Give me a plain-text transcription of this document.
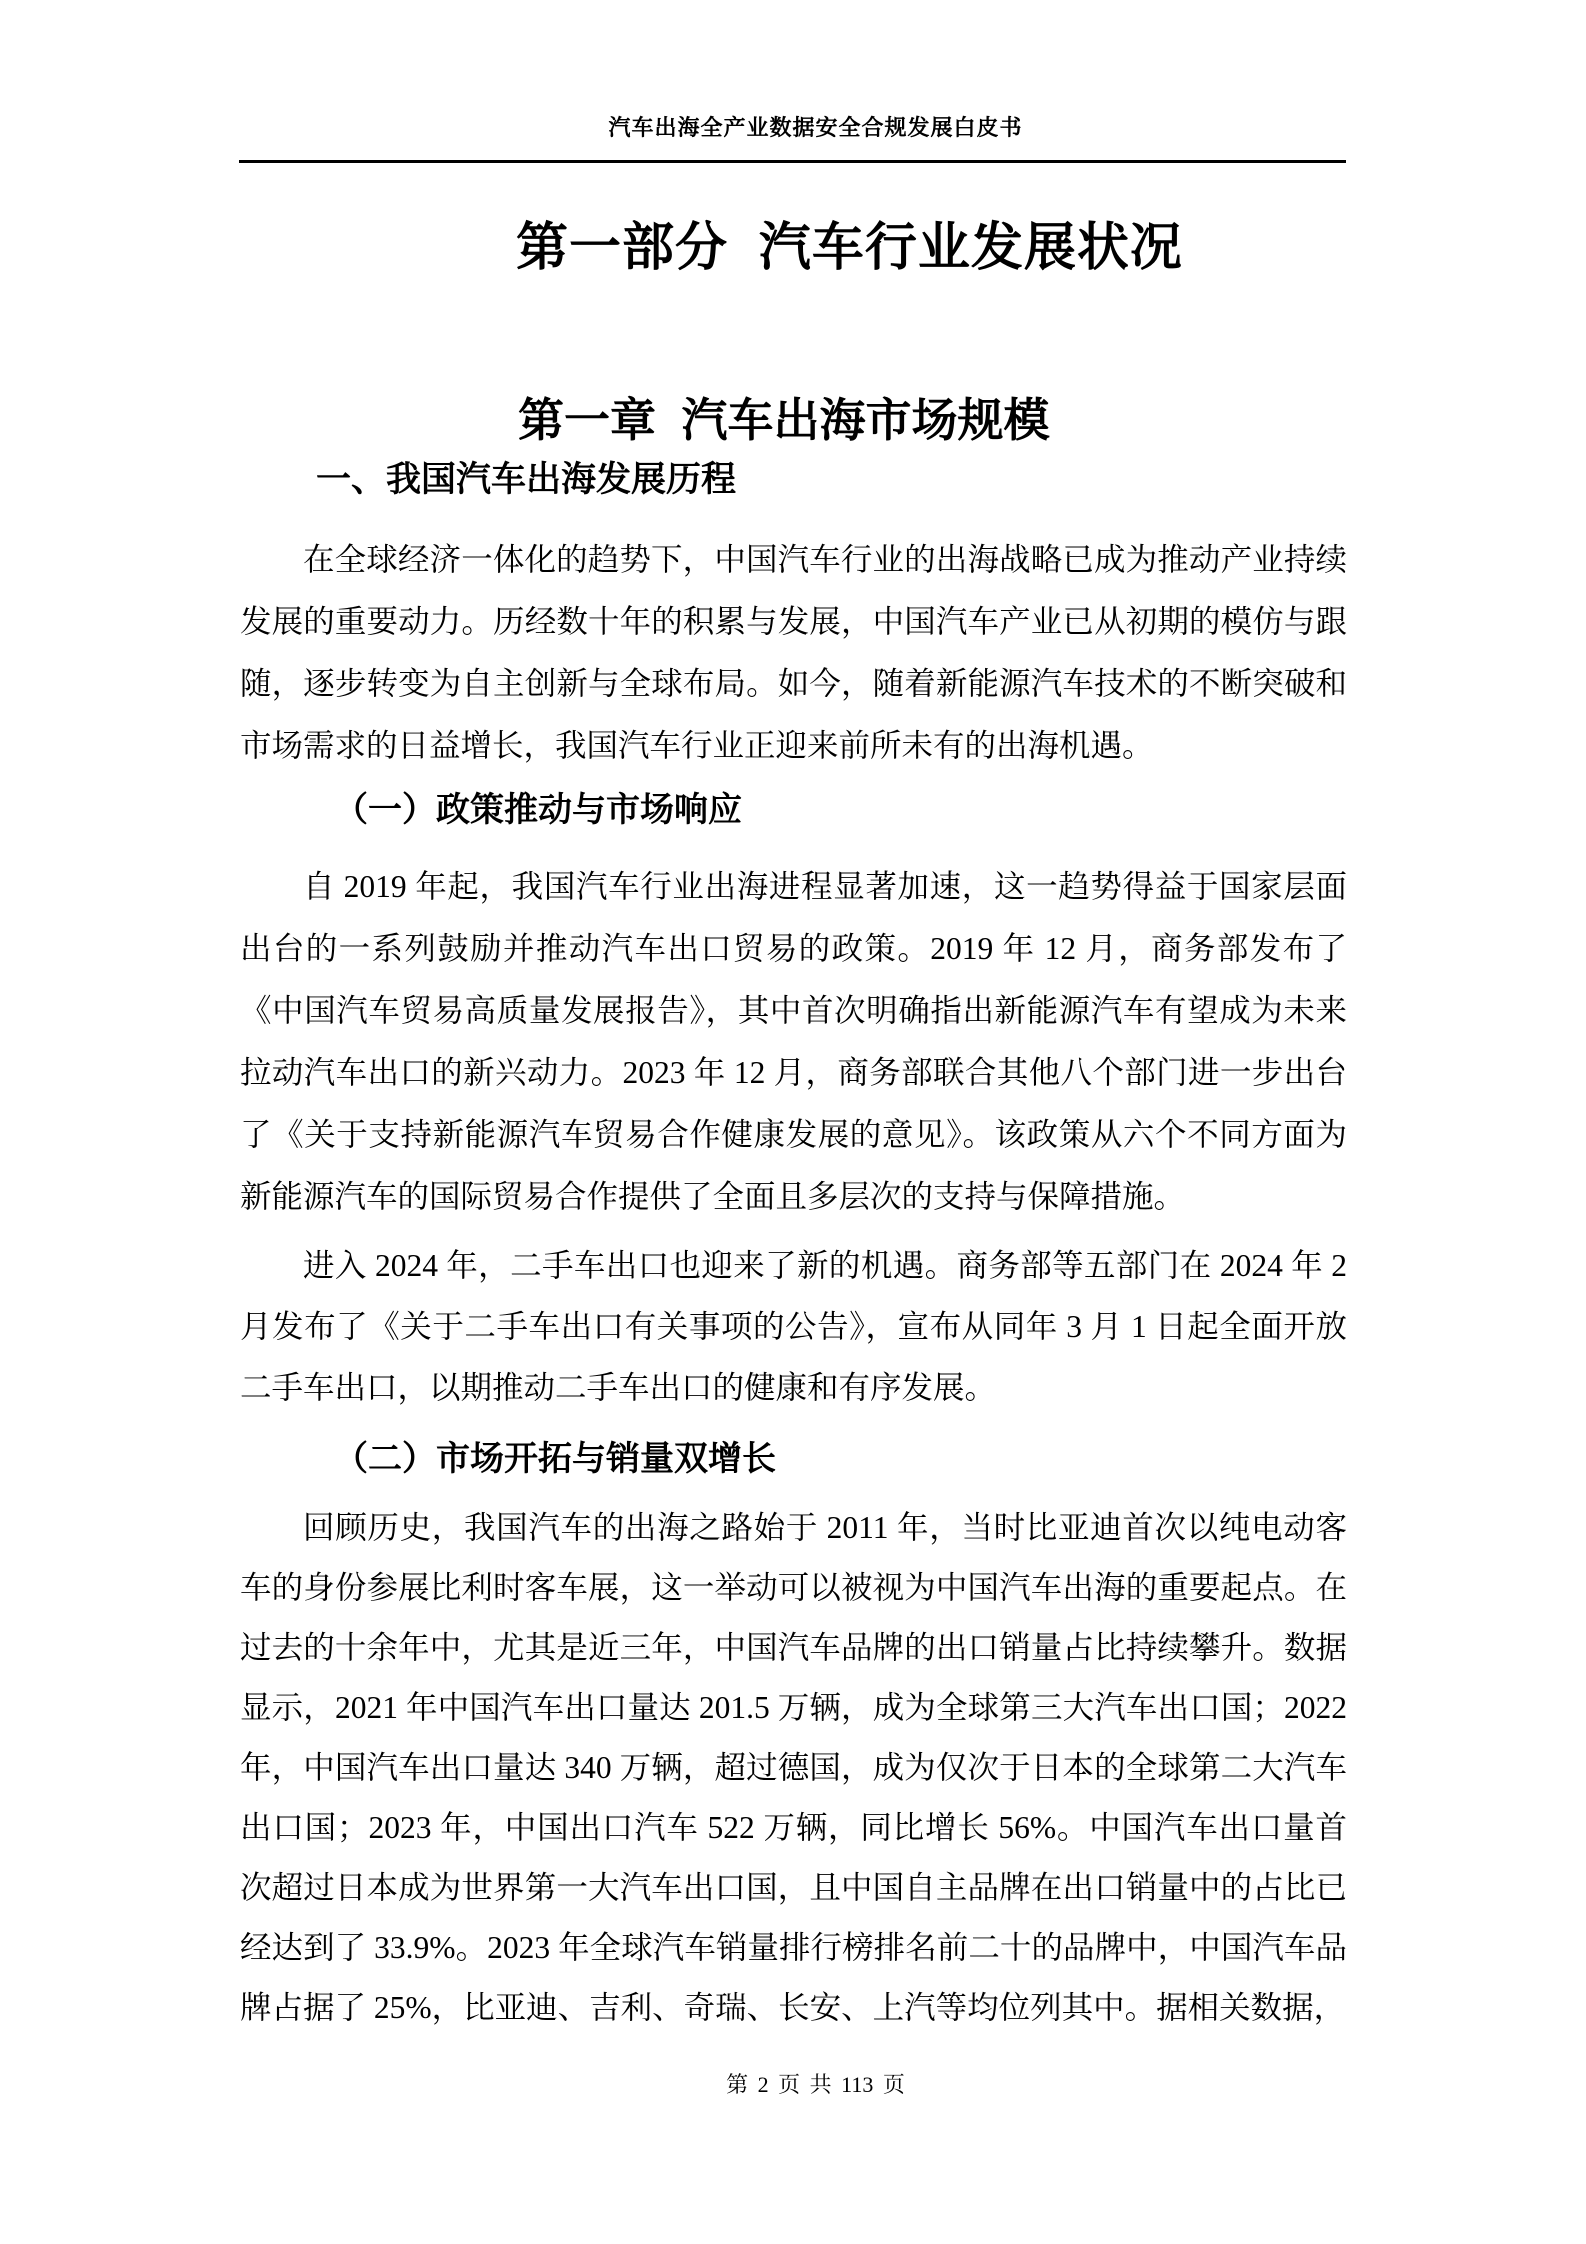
汽车出海全产业数据安全合规发展白皮书
第一部分  汽车行业发展状况
第一章  汽车出海市场规模
一、我国汽车出海发展历程

在全球经济一体化的趋势下，中国汽车行业的出海战略已成为推动产业持续发展的重要动力。历经数十年的积累与发展，中国汽车产业已从初期的模仿与跟随，逐步转变为自主创新与全球布局。如今，随着新能源汽车技术的不断突破和市场需求的日益增长，我国汽车行业正迎来前所未有的出海机遇。

（一）政策推动与市场响应

自 2019 年起，我国汽车行业出海进程显著加速，这一趋势得益于国家层面出台的一系列鼓励并推动汽车出口贸易的政策。2019 年 12 月，商务部发布了《中国汽车贸易高质量发展报告》，其中首次明确指出新能源汽车有望成为未来拉动汽车出口的新兴动力。2023 年 12 月，商务部联合其他八个部门进一步出台了《关于支持新能源汽车贸易合作健康发展的意见》。该政策从六个不同方面为新能源汽车的国际贸易合作提供了全面且多层次的支持与保障措施。

进入 2024 年，二手车出口也迎来了新的机遇。商务部等五部门在 2024 年 2 月发布了《关于二手车出口有关事项的公告》，宣布从同年 3 月 1 日起全面开放二手车出口，以期推动二手车出口的健康和有序发展。

（二）市场开拓与销量双增长

回顾历史，我国汽车的出海之路始于 2011 年，当时比亚迪首次以纯电动客车的身份参展比利时客车展，这一举动可以被视为中国汽车出海的重要起点。在过去的十余年中，尤其是近三年，中国汽车品牌的出口销量占比持续攀升。数据显示，2021 年中国汽车出口量达 201.5 万辆，成为全球第三大汽车出口国；2022 年，中国汽车出口量达 340 万辆，超过德国，成为仅次于日本的全球第二大汽车出口国；2023 年，中国出口汽车 522 万辆，同比增长 56%。中国汽车出口量首次超过日本成为世界第一大汽车出口国，且中国自主品牌在出口销量中的占比已经达到了 33.9%。2023 年全球汽车销量排行榜排名前二十的品牌中，中国汽车品牌占据了 25%，比亚迪、吉利、奇瑞、长安、上汽等均位列其中。据相关数据，

第 2 页 共 113 页
